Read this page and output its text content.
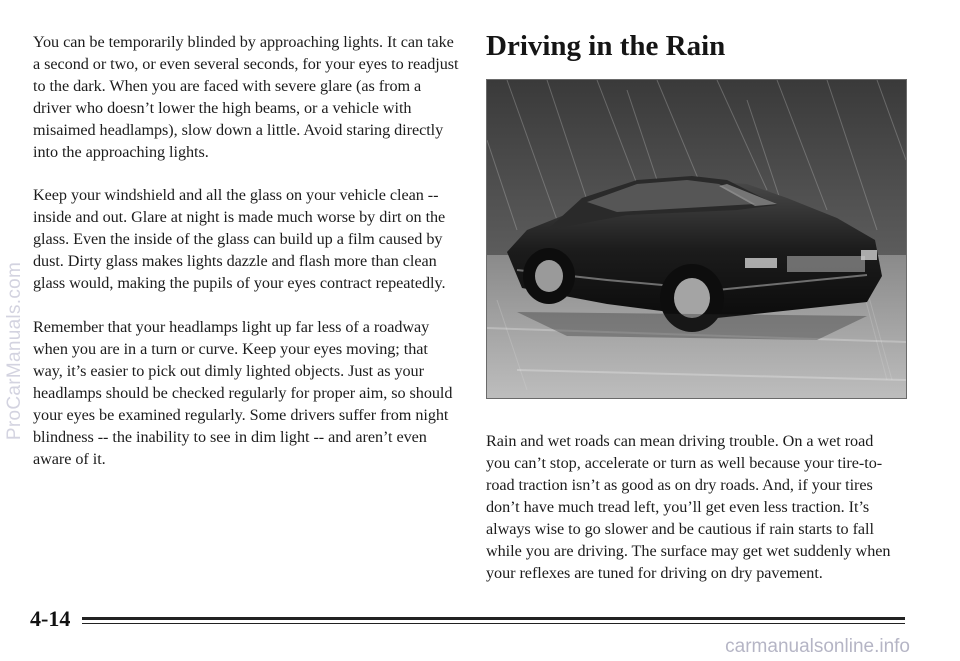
You can be temporarily blinded by approaching lights. It can take a second or two, or even several seconds, for your eyes to readjust to the dark. When you are faced with severe glare (as from a driver who doesn’t lower the high beams, or a vehicle with misaimed headlamps), slow down a little. Avoid staring directly into the approaching lights.

Keep your windshield and all the glass on your vehicle clean -- inside and out. Glare at night is made much worse by dirt on the glass. Even the inside of the glass can build up a film caused by dust. Dirty glass makes lights dazzle and flash more than clean glass would, making the pupils of your eyes contract repeatedly.

Remember that your headlamps light up far less of a roadway when you are in a turn or curve. Keep your eyes moving; that way, it’s easier to pick out dimly lighted objects. Just as your headlamps should be checked regularly for proper aim, so should your eyes be examined regularly. Some drivers suffer from night blindness -- the inability to see in dim light -- and aren’t even aware of it.

Driving in the Rain

Rain and wet roads can mean driving trouble. On a wet road you can’t stop, accelerate or turn as well because your tire-to-road traction isn’t as good as on dry roads. And, if your tires don’t have much tread left, you’ll get even less traction. It’s always wise to go slower and be cautious if rain starts to fall while you are driving. The surface may get wet suddenly when your reflexes are tuned for driving on dry pavement.

4-14
ProCarManuals.com
carmanualsonline.info
